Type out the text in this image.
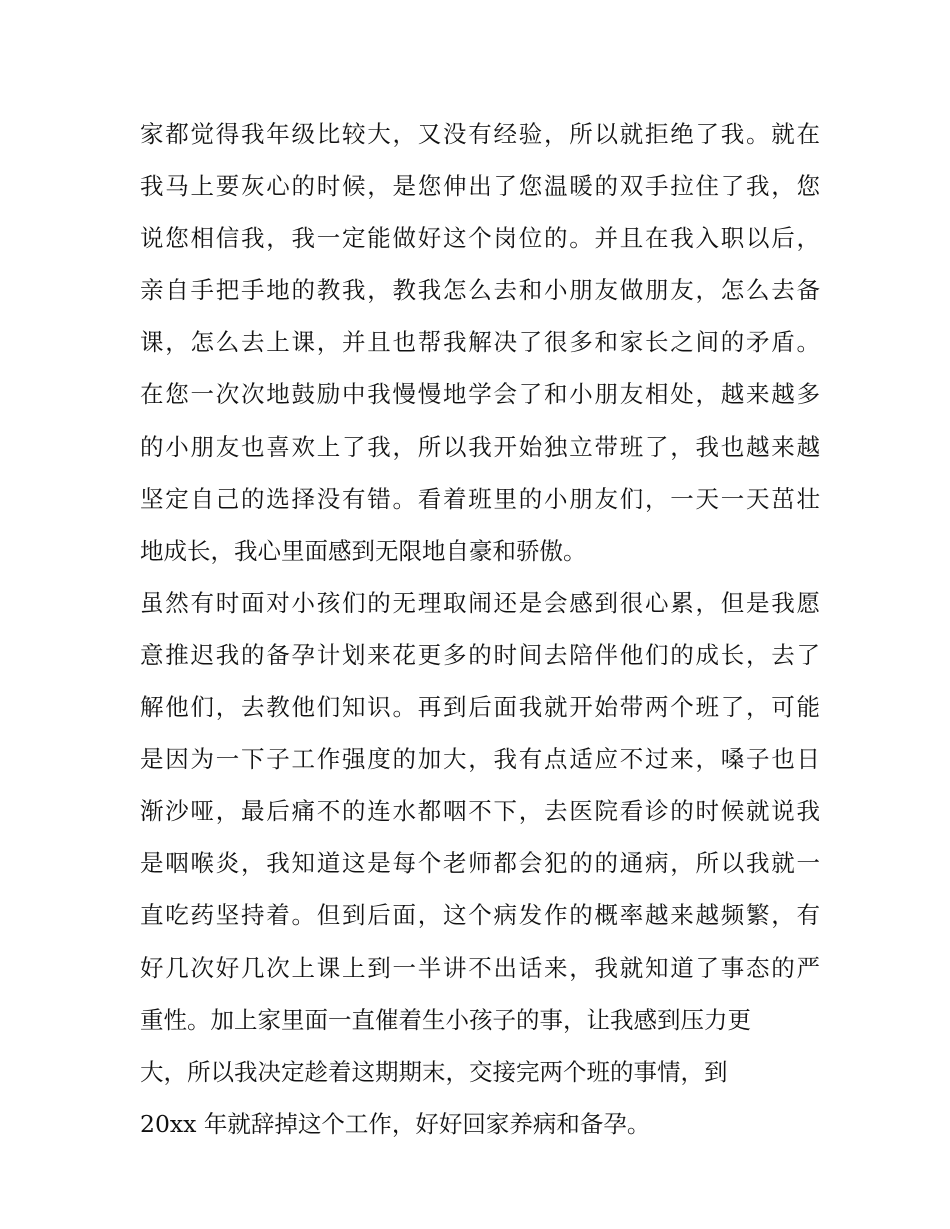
家都觉得我年级比较大，又没有经验，所以就拒绝了我。就在
我马上要灰心的时候，是您伸出了您温暖的双手拉住了我，您
说您相信我，我一定能做好这个岗位的。并且在我入职以后，
亲自手把手地的教我，教我怎么去和小朋友做朋友，怎么去备
课，怎么去上课，并且也帮我解决了很多和家长之间的矛盾。
在您一次次地鼓励中我慢慢地学会了和小朋友相处，越来越多
的小朋友也喜欢上了我，所以我开始独立带班了，我也越来越
坚定自己的选择没有错。看着班里的小朋友们，一天一天茁壮
地成长，我心里面感到无限地自豪和骄傲。
虽然有时面对小孩们的无理取闹还是会感到很心累，但是我愿
意推迟我的备孕计划来花更多的时间去陪伴他们的成长，去了
解他们，去教他们知识。再到后面我就开始带两个班了，可能
是因为一下子工作强度的加大，我有点适应不过来，嗓子也日
渐沙哑，最后痛不的连水都咽不下，去医院看诊的时候就说我
是咽喉炎，我知道这是每个老师都会犯的的通病，所以我就一
直吃药坚持着。但到后面，这个病发作的概率越来越频繁，有
好几次好几次上课上到一半讲不出话来，我就知道了事态的严
重性。加上家里面一直催着生小孩子的事，让我感到压力更
大，所以我决定趁着这期期末，交接完两个班的事情，到
20xx 年就辞掉这个工作，好好回家养病和备孕。
